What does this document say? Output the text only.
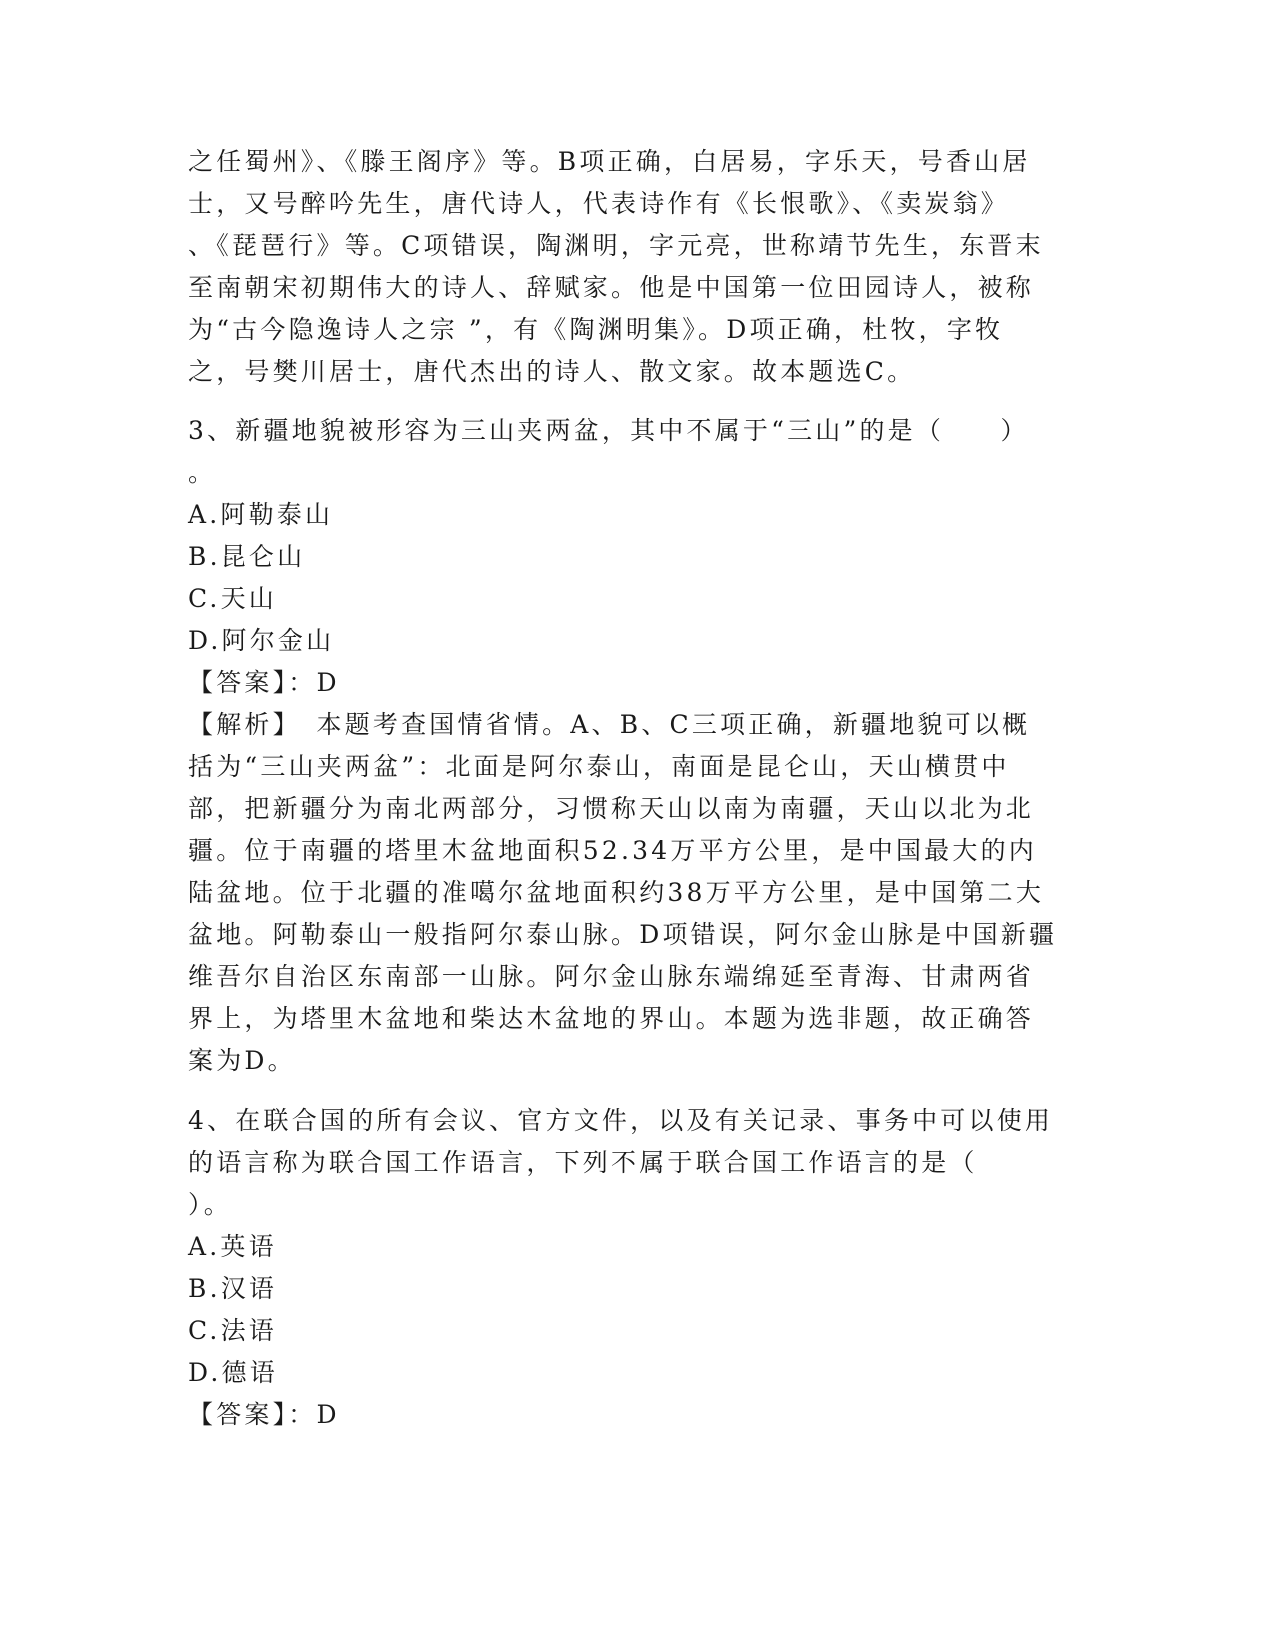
之任蜀州》、《滕王阁序》等。B项正确，白居易，字乐天，号香山居
士，又号醉吟先生，唐代诗人，代表诗作有《长恨歌》、《卖炭翁》
、《琵琶行》等。C项错误，陶渊明，字元亮，世称靖节先生，东晋末
至南朝宋初期伟大的诗人、辞赋家。他是中国第一位田园诗人，被称
为“古今隐逸诗人之宗 ”，有《陶渊明集》。D项正确，杜牧，字牧
之，号樊川居士，唐代杰出的诗人、散文家。故本题选C。
3、新疆地貌被形容为三山夹两盆，其中不属于“三山”的是（　　）
。
A.阿勒泰山
B.昆仑山
C.天山
D.阿尔金山
【答案】：D
【解析】　本题考查国情省情。A、B、C三项正确，新疆地貌可以概
括为“三山夹两盆”：北面是阿尔泰山，南面是昆仑山，天山横贯中
部，把新疆分为南北两部分，习惯称天山以南为南疆，天山以北为北
疆。位于南疆的塔里木盆地面积52.34万平方公里，是中国最大的内
陆盆地。位于北疆的准噶尔盆地面积约38万平方公里，是中国第二大
盆地。阿勒泰山一般指阿尔泰山脉。D项错误，阿尔金山脉是中国新疆
维吾尔自治区东南部一山脉。阿尔金山脉东端绵延至青海、甘肃两省
界上，为塔里木盆地和柴达木盆地的界山。本题为选非题，故正确答
案为D。
4、在联合国的所有会议、官方文件，以及有关记录、事务中可以使用
的语言称为联合国工作语言，下列不属于联合国工作语言的是（
）。
A.英语
B.汉语
C.法语
D.德语
【答案】：D
